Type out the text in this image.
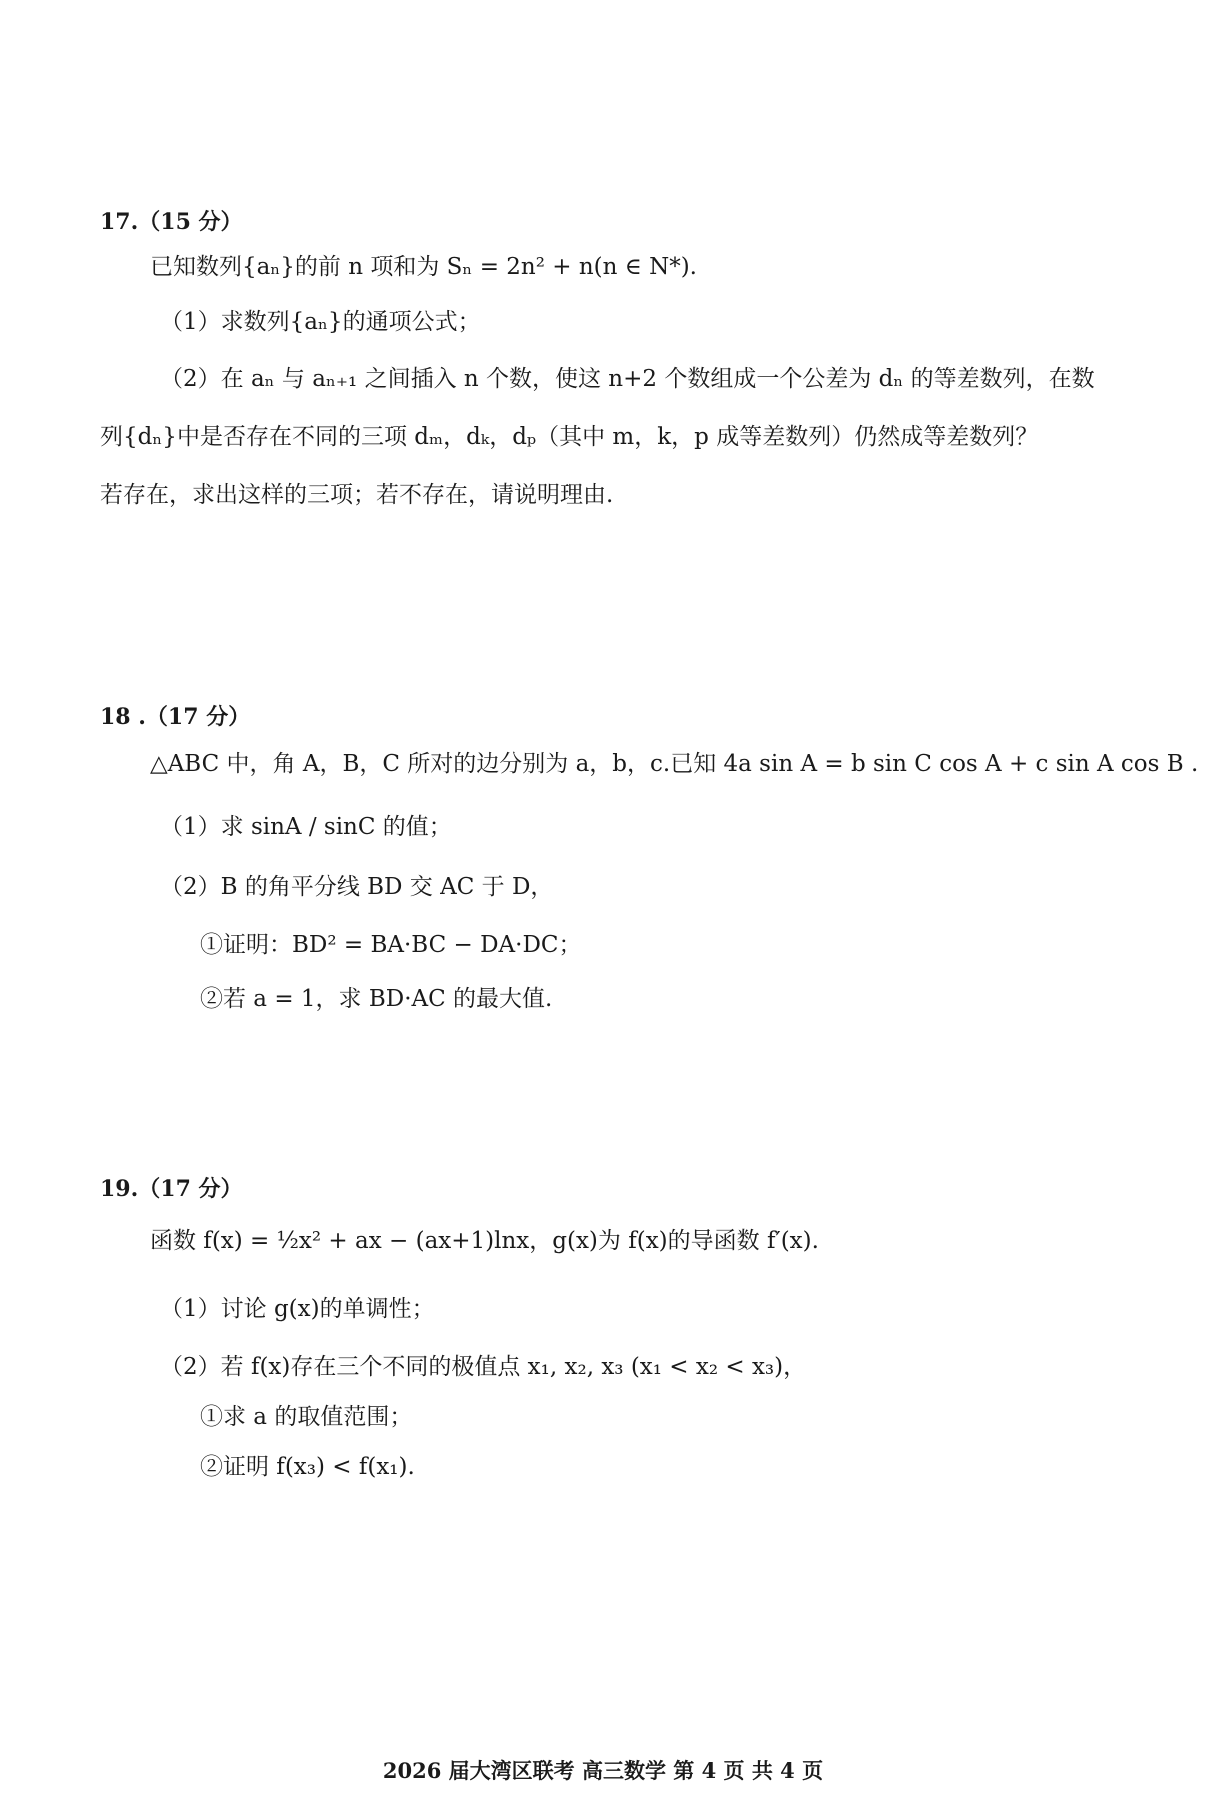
17.（15 分）
已知数列{aₙ}的前 n 项和为 Sₙ = 2n² + n(n ∈ N*).
（1）求数列{aₙ}的通项公式；
（2）在 aₙ 与 aₙ₊₁ 之间插入 n 个数，使这 n+2 个数组成一个公差为 dₙ 的等差数列，在数
列{dₙ}中是否存在不同的三项 dₘ，dₖ，dₚ（其中 m，k，p 成等差数列）仍然成等差数列？
若存在，求出这样的三项；若不存在，请说明理由.
18 .（17 分）
△ABC 中，角 A，B，C 所对的边分别为 a，b，c.已知 4a sin A = b sin C cos A + c sin A cos B .
（1）求 sinA / sinC 的值；
（2）B 的角平分线 BD 交 AC 于 D，
①证明：BD² = BA·BC − DA·DC；
②若 a = 1，求 BD·AC 的最大值.
19.（17 分）
函数 f(x) = ½x² + ax − (ax+1)lnx，g(x)为 f(x)的导函数 f′(x).
（1）讨论 g(x)的单调性；
（2）若 f(x)存在三个不同的极值点 x₁, x₂, x₃ (x₁ < x₂ < x₃)，
①求 a 的取值范围；
②证明 f(x₃) < f(x₁).
2026 届大湾区联考 高三数学 第 4 页 共 4 页
